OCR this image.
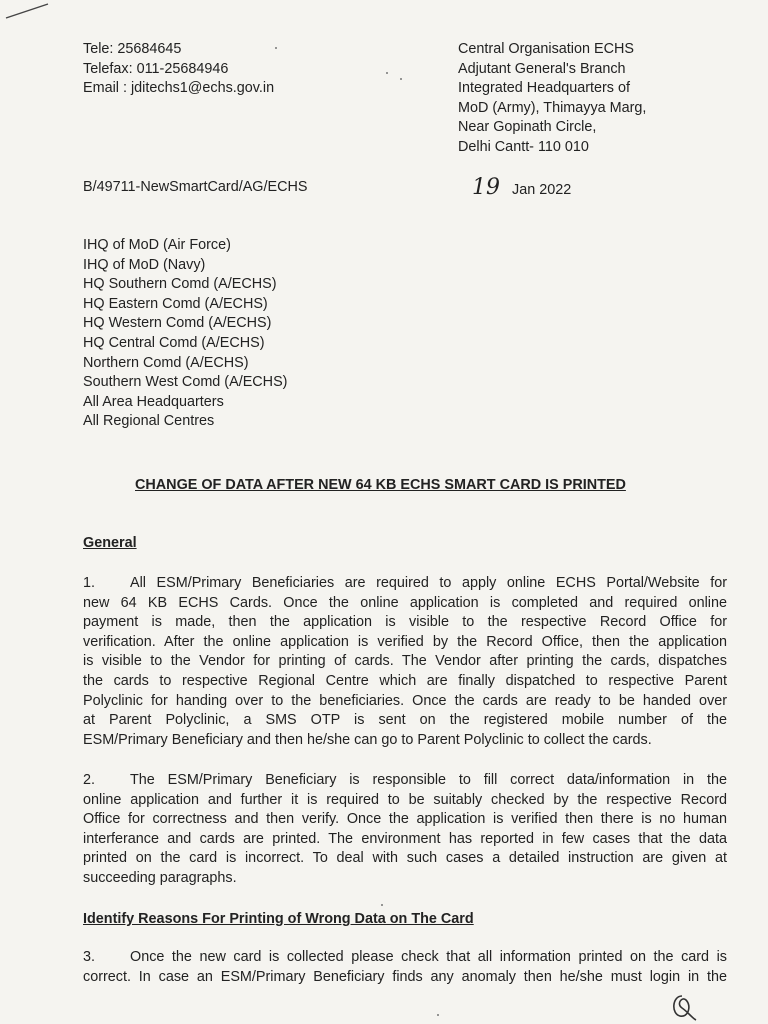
Tele: 25684645
Telefax: 011-25684946
Email : jditechs1@echs.gov.in
Central Organisation ECHS
Adjutant General's Branch
Integrated Headquarters of
MoD (Army), Thimayya Marg,
Near Gopinath Circle,
Delhi Cantt- 110 010
B/49711-NewSmartCard/AG/ECHS	19 Jan 2022
IHQ of MoD (Air Force)
IHQ of MoD (Navy)
HQ Southern Comd (A/ECHS)
HQ Eastern Comd (A/ECHS)
HQ Western Comd (A/ECHS)
HQ Central Comd (A/ECHS)
Northern Comd (A/ECHS)
Southern West Comd (A/ECHS)
All Area Headquarters
All Regional Centres
CHANGE OF DATA AFTER NEW 64 KB ECHS SMART CARD IS PRINTED
General
1. All ESM/Primary Beneficiaries are required to apply online ECHS Portal/Website for
new 64 KB ECHS Cards. Once the online application is completed and required online
payment is made, then the application is visible to the respective Record Office for
verification. After the online application is verified by the Record Office, then the application
is visible to the Vendor for printing of cards. The Vendor after printing the cards, dispatches
the cards to respective Regional Centre which are finally dispatched to respective Parent
Polyclinic for handing over to the beneficiaries. Once the cards are ready to be handed over
at Parent Polyclinic, a SMS OTP is sent on the registered mobile number of the
ESM/Primary Beneficiary and then he/she can go to Parent Polyclinic to collect the cards.
2. The ESM/Primary Beneficiary is responsible to fill correct data/information in the
online application and further it is required to be suitably checked by the respective Record
Office for correctness and then verify. Once the application is verified then there is no human
interferance and cards are printed. The environment has reported in few cases that the data
printed on the card is incorrect. To deal with such cases a detailed instruction are given at
succeeding paragraphs.
Identify Reasons For Printing of Wrong Data on The Card
3. Once the new card is collected please check that all information printed on the card is
correct. In case an ESM/Primary Beneficiary finds any anomaly then he/she must login in the
